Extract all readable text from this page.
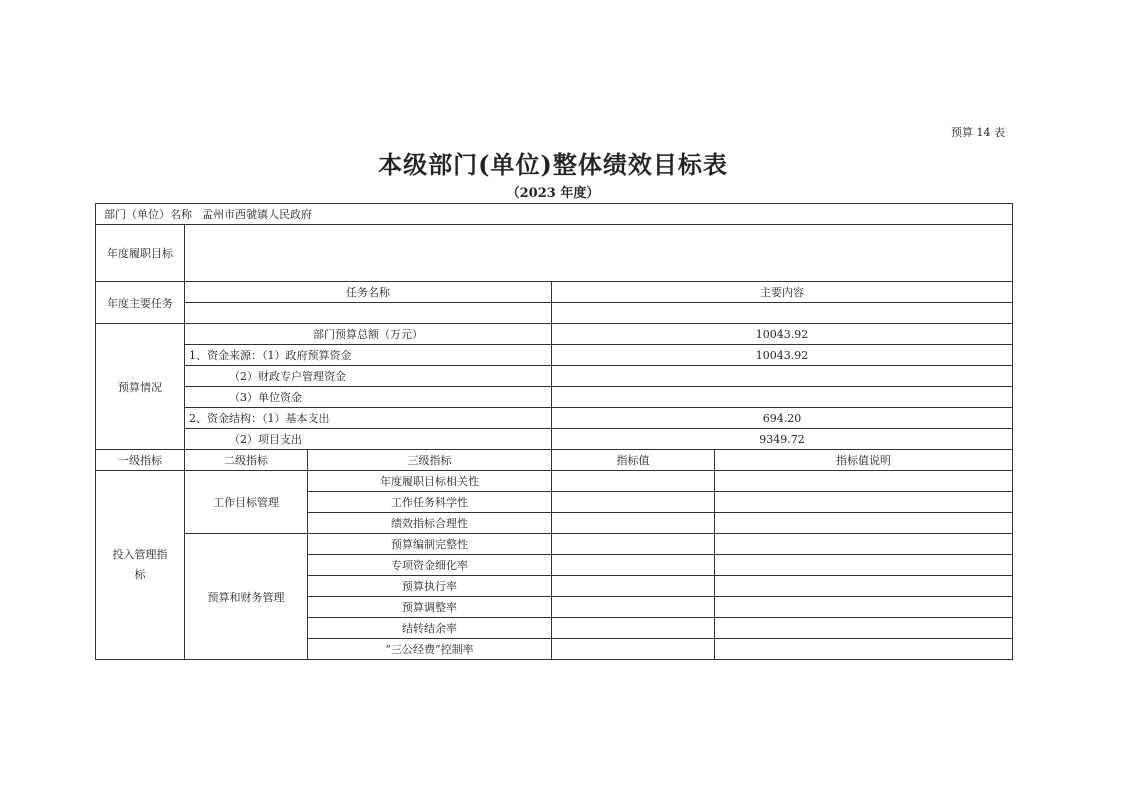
预算 14 表
本级部门(单位)整体绩效目标表
（2023 年度）
部门（单位）名称 孟州市西虢镇人民政府				
年度履职目标				
年度主要任务	任务名称		主要内容	

预算情况	部门预算总额（万元）		10043.92	
	1、资金来源：（1）政府预算资金		10043.92	
	（2）财政专户管理资金			
	（3）单位资金			
	2、资金结构：（1）基本支出		694.20	
	（2）项目支出		9349.72	
一级指标	二级指标	三级指标	指标值	指标值说明
投入管理指标	工作目标管理	年度履职目标相关性		
		工作任务科学性		
		绩效指标合理性		
	预算和财务管理	预算编制完整性		
		专项资金细化率		
		预算执行率		
		预算调整率		
		结转结余率		
		“三公经费”控制率		
